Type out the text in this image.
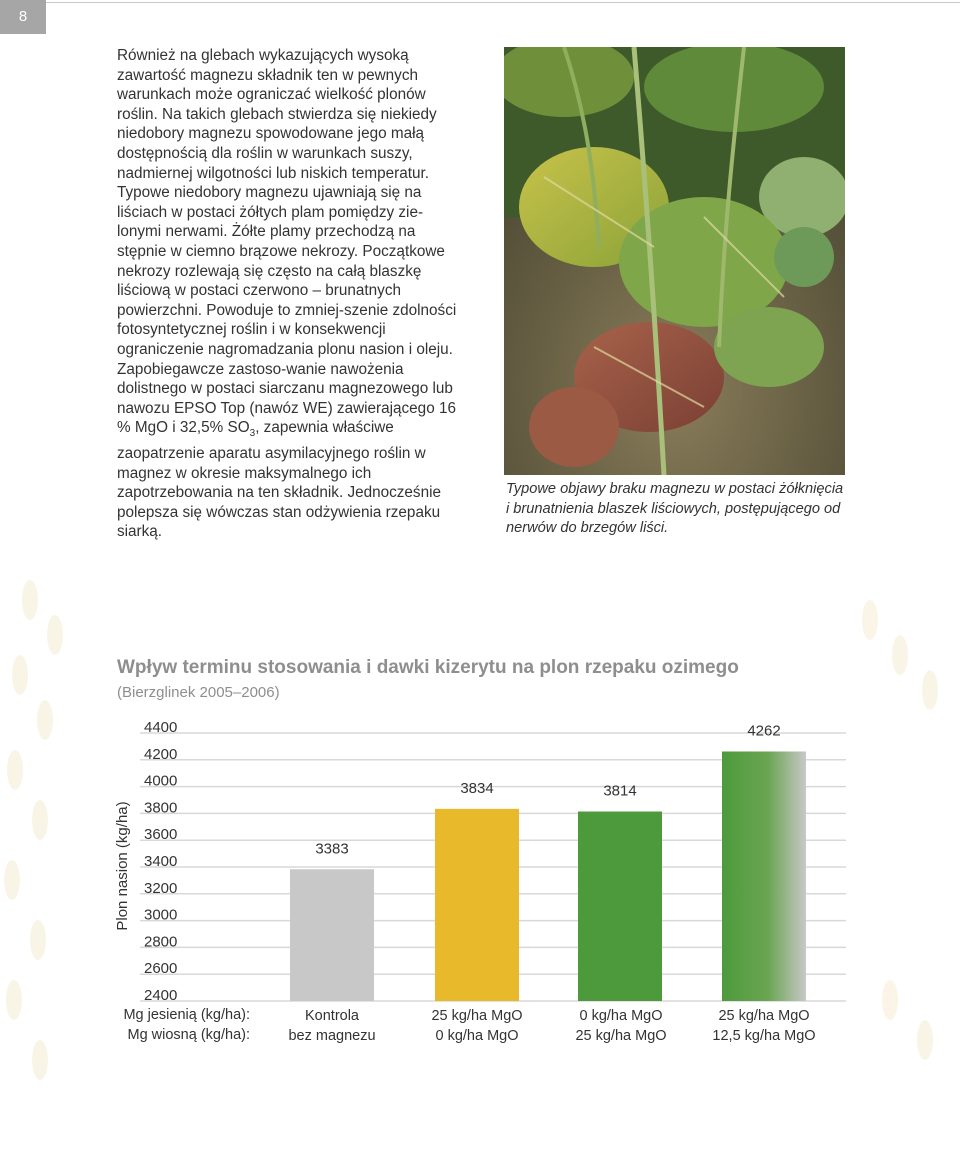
8

Również na glebach wykazujących wysoką zawartość magnezu składnik ten w pewnych warunkach może ograniczać wielkość plonów roślin. Na takich glebach stwierdza się niekiedy niedobory magnezu spowodowane jego małą dostępnością dla roślin w warunkach suszy, nadmiernej wilgotności lub niskich temperatur. Typowe niedobory magnezu ujawniają się na liściach w postaci żółtych plam pomiędzy zie-lonymi nerwami. Żółte plamy przechodzą na stępnie w ciemno brązowe nekrozy. Początkowe nekrozy rozlewają się często na całą blaszkę liściową w postaci czerwono – brunatnych powierzchni. Powoduje to zmniej-szenie zdolności fotosyntetycznej roślin i w konsekwencji ograniczenie nagromadzania plonu nasion i oleju. Zapobiegawcze zastoso-wanie nawożenia dolistnego w postaci siarczanu magnezowego lub nawozu EPSO Top (nawóz WE) zawierającego 16 % MgO i 32,5% $SO_3$, zapewnia właściwe zaopatrzenie aparatu asymilacyjnego roślin w magnez w okresie maksymalnego ich zapotrzebowania na ten składnik. Jednocześnie polepsza się wówczas stan odżywienia rzepaku siarką.

Typowe objawy braku magnezu w postaci żółknięcia i brunatnienia blaszek liściowych, postępującego od nerwów do brzegów liści.
Wpływ terminu stosowania i dawki kizerytu na plon rzepaku ozimego
(Bierzglinek 2005–2006)
4400
4200
4000
3800
3600
3400
3200
3000
2800
2600
2400
3383
3834	3814
4262
Plon nasion (kg/ha)
Mg jesienią (kg/ha):
Mg wiosną (kg/ha):
Kontrola
bez magnezu
25 kg/ha MgO
0 kg/ha MgO
0 kg/ha MgO
25 kg/ha MgO
25 kg/ha MgO
12,5 kg/ha MgO
